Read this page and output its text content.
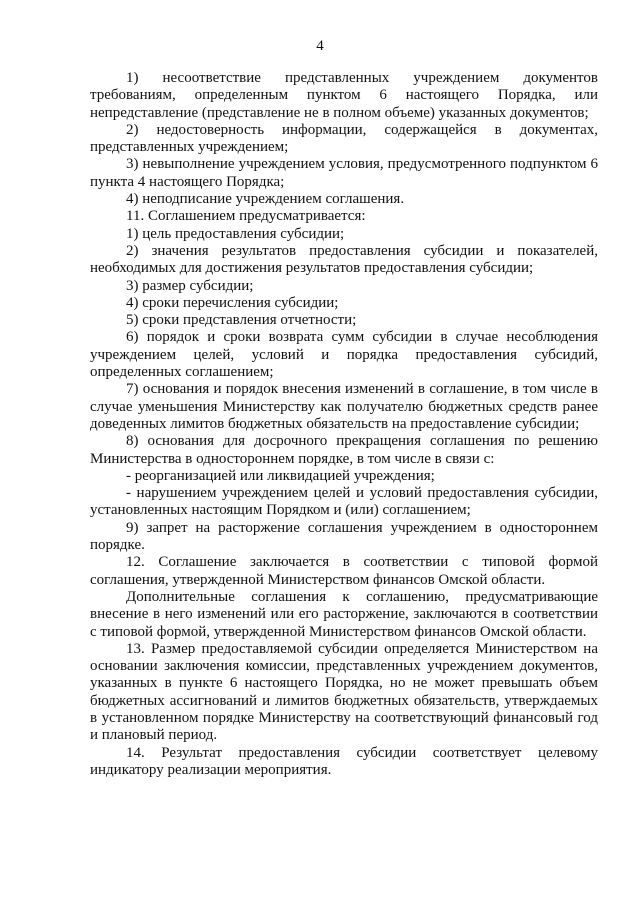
4

1) несоответствие представленных учреждением документов требованиям, определенным пунктом 6 настоящего Порядка, или непредставление (представление не в полном объеме) указанных документов;

2) недостоверность информации, содержащейся в документах, представленных учреждением;

3) невыполнение учреждением условия, предусмотренного подпунктом 6 пункта 4 настоящего Порядка;

4) неподписание учреждением соглашения.

11. Соглашением предусматривается:

1) цель предоставления субсидии;

2) значения результатов предоставления субсидии и показателей, необходимых для достижения результатов предоставления субсидии;

3) размер субсидии;

4) сроки перечисления субсидии;

5) сроки представления отчетности;

6) порядок и сроки возврата сумм субсидии в случае несоблюдения учреждением целей, условий и порядка предоставления субсидий, определенных соглашением;

7) основания и порядок внесения изменений в соглашение, в том числе в случае уменьшения Министерству как получателю бюджетных средств ранее доведенных лимитов бюджетных обязательств на предоставление субсидии;

8) основания для досрочного прекращения соглашения по решению Министерства в одностороннем порядке, в том числе в связи с:

- реорганизацией или ликвидацией учреждения;

- нарушением учреждением целей и условий предоставления субсидии, установленных настоящим Порядком и (или) соглашением;

9) запрет на расторжение соглашения учреждением в одностороннем порядке.

12. Соглашение заключается в соответствии с типовой формой соглашения, утвержденной Министерством финансов Омской области.

Дополнительные соглашения к соглашению, предусматривающие внесение в него изменений или его расторжение, заключаются в соответствии с типовой формой, утвержденной Министерством финансов Омской области.

13. Размер предоставляемой субсидии определяется Министерством на основании заключения комиссии, представленных учреждением документов, указанных в пункте 6 настоящего Порядка, но не может превышать объем бюджетных ассигнований и лимитов бюджетных обязательств, утверждаемых в установленном порядке Министерству на соответствующий финансовый год и плановый период.

14. Результат предоставления субсидии соответствует целевому индикатору реализации мероприятия.
